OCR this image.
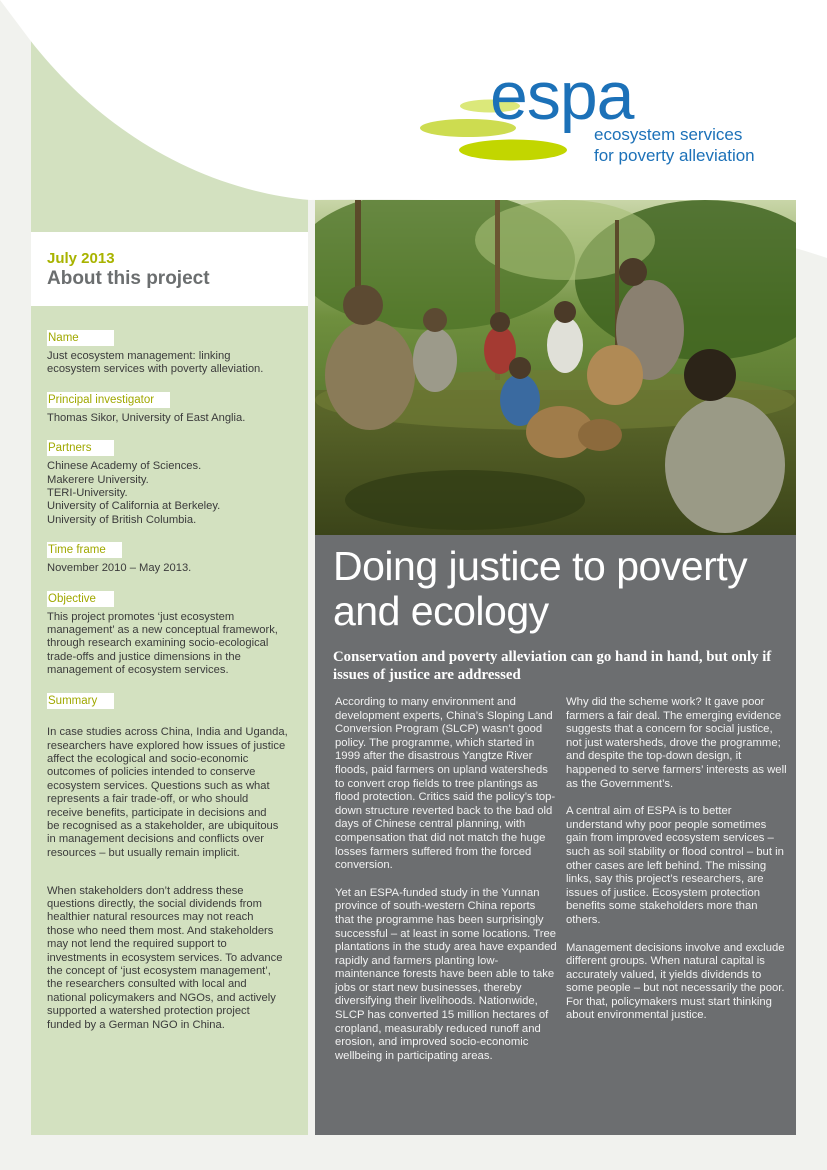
July 2013
About this project
espa
ecosystem services
for poverty alleviation
Doing justice to poverty and ecology
Conservation and poverty alleviation can go hand in hand, but only if issues of justice are addressed

According to many environment and development experts, China’s Sloping Land Conversion Program (SLCP) wasn’t good policy. The programme, which started in 1999 after the disastrous Yangtze River floods, paid farmers on upland watersheds to convert crop fields to tree plantings as flood protection. Critics said the policy’s top-down structure reverted back to the bad old days of Chinese central planning, with compensation that did not match the huge losses farmers suffered from the forced conversion.

Yet an ESPA-funded study in the Yunnan province of south-western China reports that the programme has been surprisingly successful – at least in some locations. Tree plantations in the study area have expanded rapidly and farmers planting low-maintenance forests have been able to take jobs or start new businesses, thereby diversifying their livelihoods. Nationwide, SLCP has converted 15 million hectares of cropland, measurably reduced runoff and erosion, and improved socio-economic wellbeing in participating areas.

Why did the scheme work? It gave poor farmers a fair deal. The emerging evidence suggests that a concern for social justice, not just watersheds, drove the programme; and despite the top-down design, it happened to serve farmers’ interests as well as the Government’s.

A central aim of ESPA is to better understand why poor people sometimes gain from improved ecosystem services – such as soil stability or flood control – but in other cases are left behind. The missing links, say this project’s researchers, are issues of justice. Ecosystem protection benefits some stakeholders more than others.

Management decisions involve and exclude different groups. When natural capital is accurately valued, it yields dividends to some people – but not necessarily the poor. For that, policymakers must start thinking about environmental justice.

Name
Just ecosystem management: linking
ecosystem services with poverty alleviation.
Principal investigator
Thomas Sikor, University of East Anglia.
Partners
Chinese Academy of Sciences.
Makerere University.
TERI-University.
University of California at Berkeley.
University of British Columbia.
Time frame
November 2010 – May 2013.
Objective
This project promotes ‘just ecosystem
management’ as a new conceptual framework,
through research examining socio-ecological
trade-offs and justice dimensions in the
management of ecosystem services.
Summary

In case studies across China, India and Uganda,
researchers have explored how issues of justice
affect the ecological and socio-economic
outcomes of policies intended to conserve
ecosystem services. Questions such as what
represents a fair trade-off, or who should
receive benefits, participate in decisions and
be recognised as a stakeholder, are ubiquitous
in management decisions and conflicts over
resources – but usually remain implicit.

When stakeholders don’t address these
questions directly, the social dividends from
healthier natural resources may not reach
those who need them most. And stakeholders
may not lend the required support to
investments in ecosystem services. To advance
the concept of ‘just ecosystem management’,
the researchers consulted with local and
national policymakers and NGOs, and actively
supported a watershed protection project
funded by a German NGO in China.
